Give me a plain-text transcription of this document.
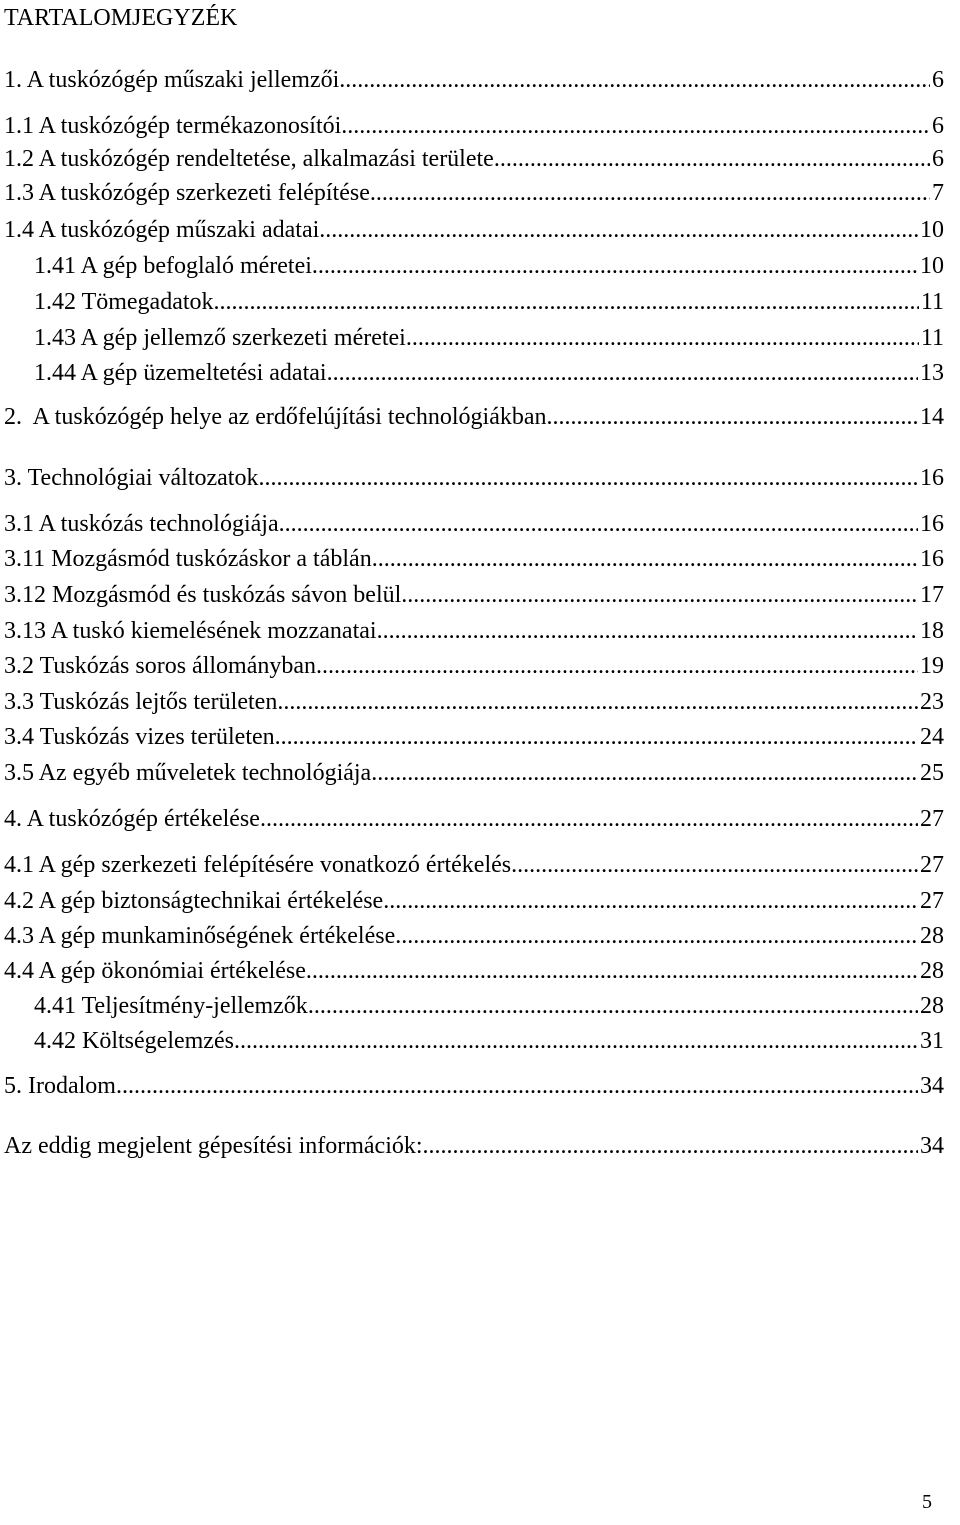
TARTALOMJEGYZÉK
1. A tuskózógép műszaki jellemzői .....	6
1.1 A tuskózógép termékazonosítói .....	6
1.2 A tuskózógép rendeltetése, alkalmazási területe .....	6
1.3 A tuskózógép szerkezeti felépítése .....	7
1.4 A tuskózógép műszaki adatai .....	10
1.41 A gép befoglaló méretei .....	10
1.42 Tömegadatok .....	11
1.43 A gép jellemző szerkezeti méretei .....	11
1.44 A gép üzemeltetési adatai .....	13
2.  A tuskózógép helye az erdőfelújítási technológiákban .....	14
3. Technológiai változatok .....	16
3.1 A tuskózás technológiája .....	16
3.11 Mozgásmód tuskózáskor a táblán .....	16
3.12 Mozgásmód és tuskózás sávon belül .....	17
3.13 A tuskó kiemelésének mozzanatai .....	18
3.2 Tuskózás soros állományban .....	19
3.3 Tuskózás lejtős területen .....	23
3.4 Tuskózás vizes területen .....	24
3.5 Az egyéb műveletek technológiája .....	25
4. A tuskózógép értékelése .....	27
4.1 A gép szerkezeti felépítésére vonatkozó értékelés .....	27
4.2 A gép biztonságtechnikai értékelése .....	27
4.3 A gép munkaminőségének értékelése .....	28
4.4 A gép ökonómiai értékelése .....	28
4.41 Teljesítmény-jellemzők .....	28
4.42 Költségelemzés .....	31
5. Irodalom .....	34
Az eddig megjelent gépesítési információk: .....	34
5
